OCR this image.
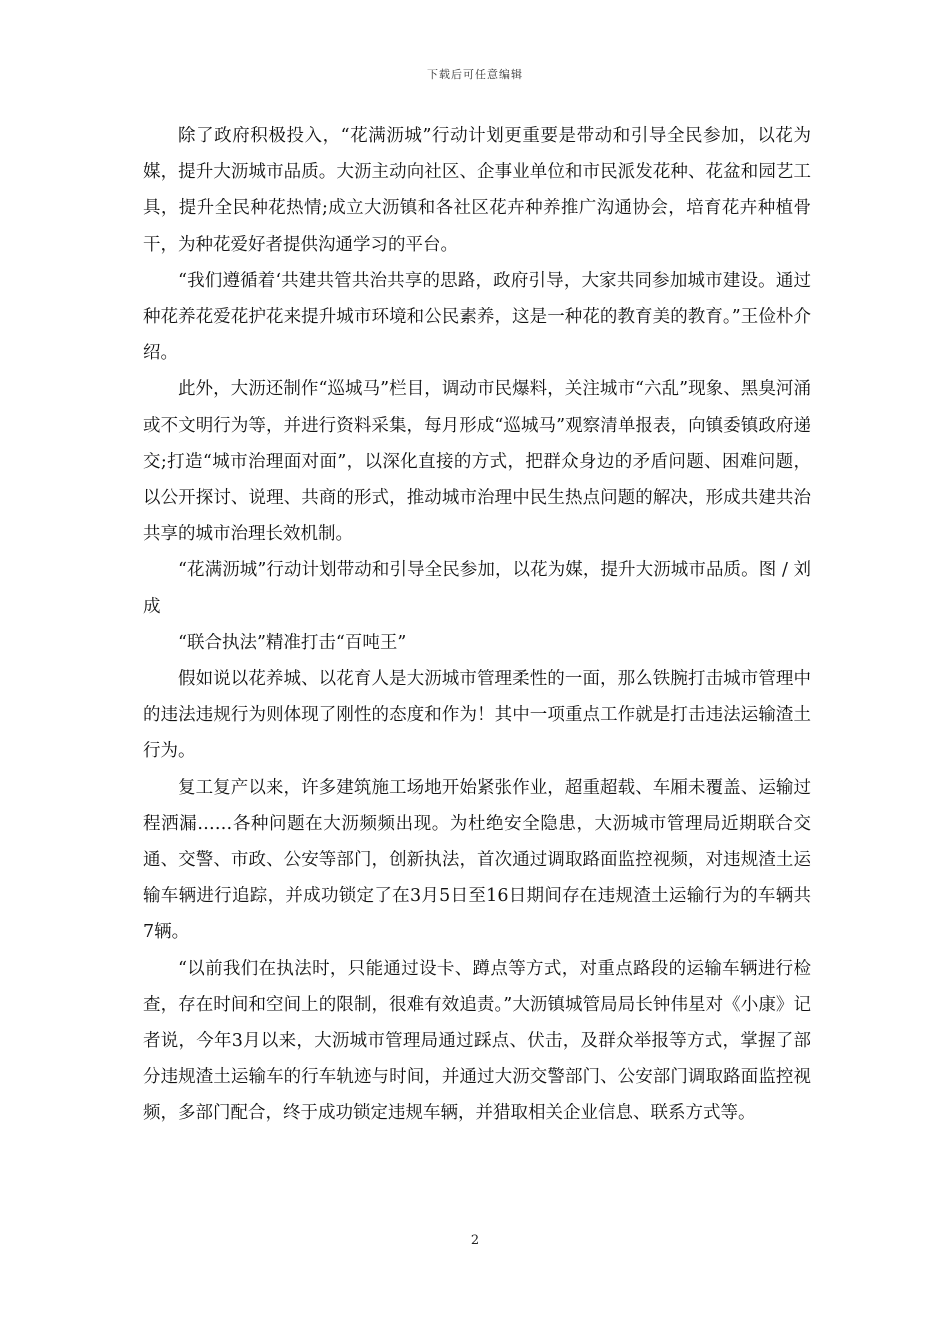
下载后可任意编辑

除了政府积极投入，“花满沥城”行动计划更重要是带动和引导全民参加，以花为媒，提升大沥城市品质。大沥主动向社区、企事业单位和市民派发花种、花盆和园艺工具，提升全民种花热情;成立大沥镇和各社区花卉种养推广沟通协会，培育花卉种植骨干，为种花爱好者提供沟通学习的平台。

“我们遵循着‘共建共管共治共享的思路，政府引导，大家共同参加城市建设。通过种花养花爱花护花来提升城市环境和公民素养，这是一种花的教育美的教育。”王俭朴介绍。

此外，大沥还制作“巡城马”栏目，调动市民爆料，关注城市“六乱”现象、黑臭河涌或不文明行为等，并进行资料采集，每月形成“巡城马”观察清单报表，向镇委镇政府递交;打造“城市治理面对面”，以深化直接的方式，把群众身边的矛盾问题、困难问题，以公开探讨、说理、共商的形式，推动城市治理中民生热点问题的解决，形成共建共治共享的城市治理长效机制。

“花满沥城”行动计划带动和引导全民参加，以花为媒，提升大沥城市品质。图 / 刘成

“联合执法”精准打击“百吨王”

假如说以花养城、以花育人是大沥城市管理柔性的一面，那么铁腕打击城市管理中的违法违规行为则体现了刚性的态度和作为！其中一项重点工作就是打击违法运输渣土行为。

复工复产以来，许多建筑施工场地开始紧张作业，超重超载、车厢未覆盖、运输过程洒漏……各种问题在大沥频频出现。为杜绝安全隐患，大沥城市管理局近期联合交通、交警、市政、公安等部门，创新执法，首次通过调取路面监控视频，对违规渣土运输车辆进行追踪，并成功锁定了在3月5日至16日期间存在违规渣土运输行为的车辆共7辆。

“以前我们在执法时，只能通过设卡、蹲点等方式，对重点路段的运输车辆进行检查，存在时间和空间上的限制，很难有效追责。”大沥镇城管局局长钟伟星对《小康》记者说，今年3月以来，大沥城市管理局通过踩点、伏击，及群众举报等方式，掌握了部分违规渣土运输车的行车轨迹与时间，并通过大沥交警部门、公安部门调取路面监控视频，多部门配合，终于成功锁定违规车辆，并猎取相关企业信息、联系方式等。

2
